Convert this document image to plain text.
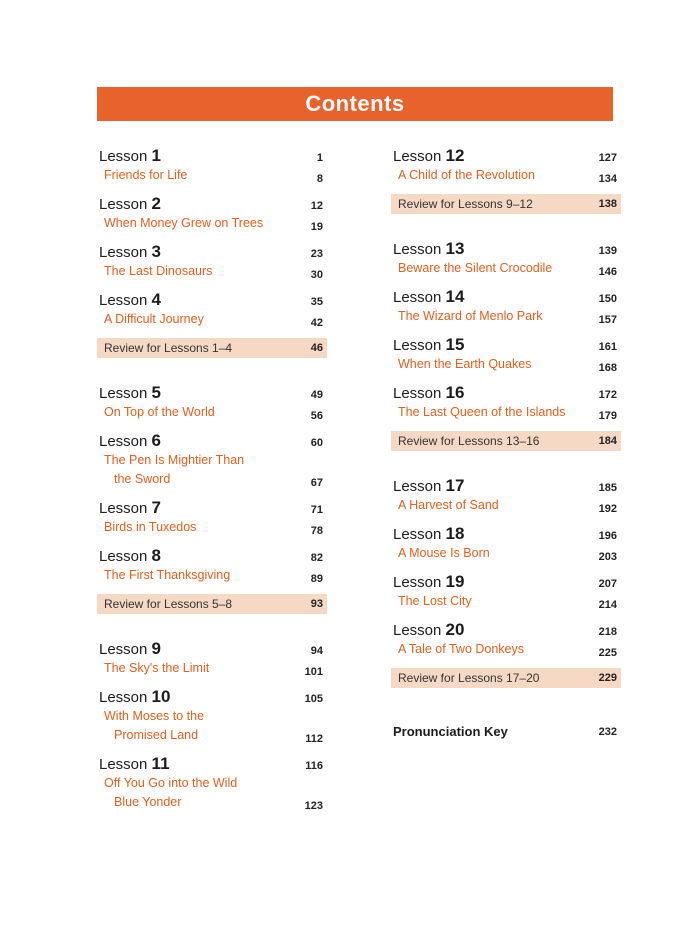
Contents
Lesson 1	1
Friends for Life	8
Lesson 2	12
When Money Grew on Trees	19
Lesson 3	23
The Last Dinosaurs	30
Lesson 4	35
A Difficult Journey	42
Review for Lessons 1–4	46
Lesson 5	49
On Top of the World	56
Lesson 6	60
The Pen Is Mightier Than
the Sword	67
Lesson 7	71
Birds in Tuxedos	78
Lesson 8	82
The First Thanksgiving	89
Review for Lessons 5–8	93
Lesson 9	94
The Sky's the Limit	101
Lesson 10	105
With Moses to the
Promised Land	112
Lesson 11	116
Off You Go into the Wild
Blue Yonder	123
Lesson 12	127
A Child of the Revolution	134
Review for Lessons 9–12	138
Lesson 13	139
Beware the Silent Crocodile	146
Lesson 14	150
The Wizard of Menlo Park	157
Lesson 15	161
When the Earth Quakes	168
Lesson 16	172
The Last Queen of the Islands	179
Review for Lessons 13–16	184
Lesson 17	185
A Harvest of Sand	192
Lesson 18	196
A Mouse Is Born	203
Lesson 19	207
The Lost City	214
Lesson 20	218
A Tale of Two Donkeys	225
Review for Lessons 17–20	229
Pronunciation Key	232
